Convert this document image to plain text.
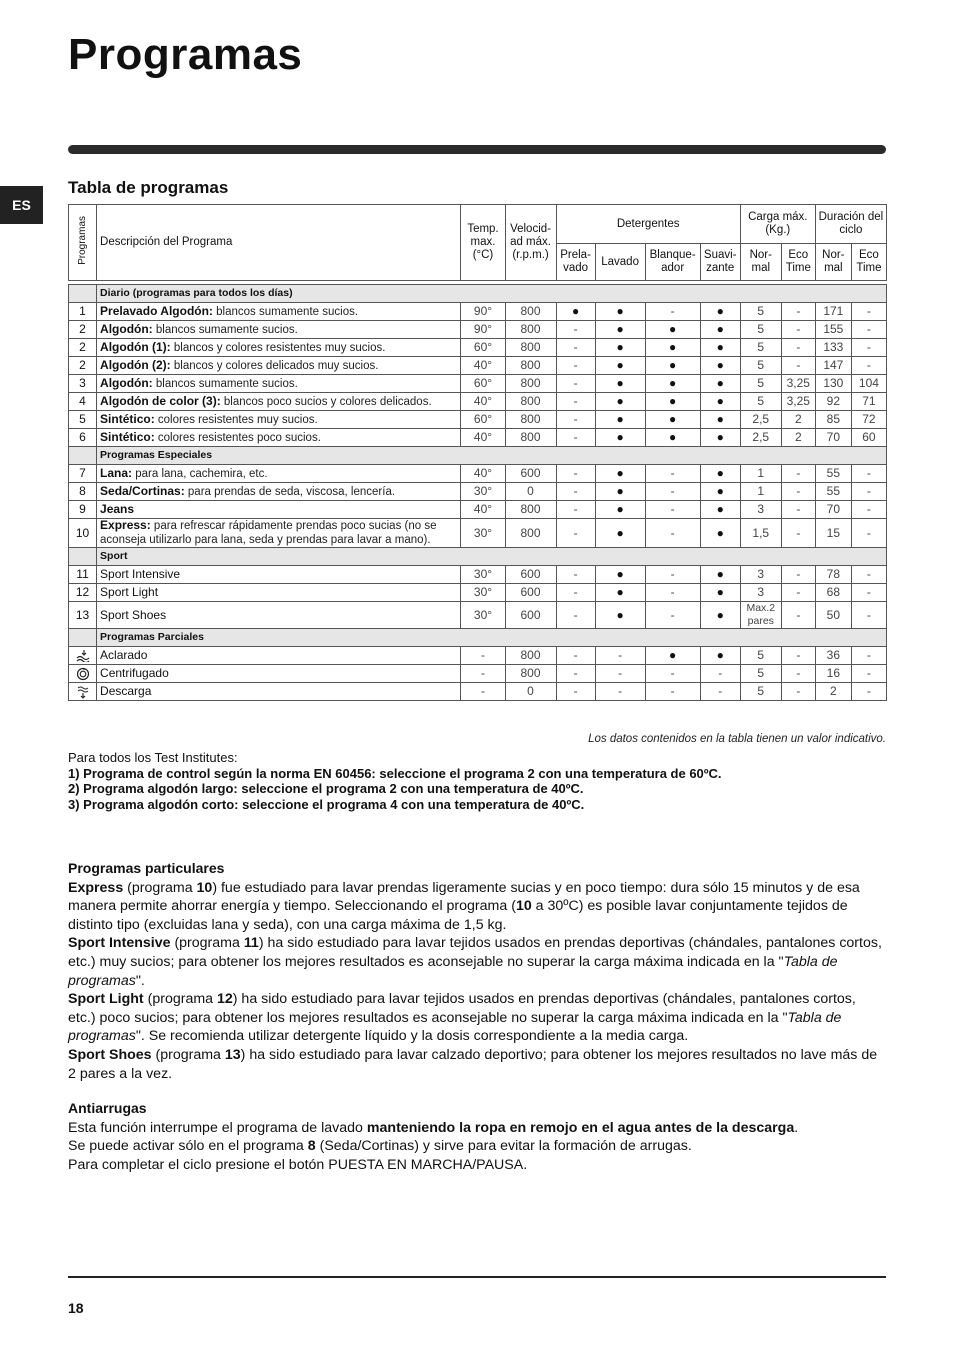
Programas
ES
Tabla de programas
Programas	Descripción del Programa	Temp. max. (°C)	Velocid- ad máx. (r.p.m.)	Detergentes				Carga máx. (Kg.)		Duración del ciclo	
				Prela- vado	Lavado	Blanque- ador	Suavi- zante	Nor- mal	Eco Time	Nor- mal	Eco Time

	Diario (programas para todos los días)										
1	Prelavado Algodón: blancos sumamente sucios.	90°	800	●	●	-	●	5	-	171	-
2	Algodón: blancos sumamente sucios.	90°	800	-	●	●	●	5	-	155	-
2	Algodón (1): blancos y colores resistentes muy sucios.	60°	800	-	●	●	●	5	-	133	-
2	Algodón (2): blancos y colores delicados muy sucios.	40°	800	-	●	●	●	5	-	147	-
3	Algodón: blancos sumamente sucios.	60°	800	-	●	●	●	5	3,25	130	104
4	Algodón de color (3): blancos poco sucios y colores delicados.	40°	800	-	●	●	●	5	3,25	92	71
5	Sintético: colores resistentes muy sucios.	60°	800	-	●	●	●	2,5	2	85	72
6	Sintético: colores resistentes poco sucios.	40°	800	-	●	●	●	2,5	2	70	60
	Programas Especiales										
7	Lana: para lana, cachemira, etc.	40°	600	-	●	-	●	1	-	55	-
8	Seda/Cortinas: para prendas de seda, viscosa, lencería.	30°	0	-	●	-	●	1	-	55	-
9	Jeans	40°	800	-	●	-	●	3	-	70	-
10	Express: para refrescar rápidamente prendas poco sucias (no se aconseja utilizarlo para lana, seda y prendas para lavar a mano).	30°	800	-	●	-	●	1,5	-	15	-
	Sport										
11	Sport Intensive	30°	600	-	●	-	●	3	-	78	-
12	Sport Light	30°	600	-	●	-	●	3	-	68	-
13	Sport Shoes	30°	600	-	●	-	●	Max.2 pares	-	50	-
	Programas Parciales										

	Aclarado	-	800	-	-	●	●	5	-	36	-

	Centrifugado	-	800	-	-	-	-	5	-	16	-

	Descarga	-	0	-	-	-	-	5	-	2	-
Los datos contenidos en la tabla tienen un valor indicativo.
Para todos los Test Institutes:
1) Programa de control según la norma EN 60456: seleccione el programa 2 con una temperatura de 60ºC.
2) Programa algodón largo: seleccione el programa 2 con una temperatura de 40ºC.
3) Programa algodón corto: seleccione el programa 4 con una temperatura de 40ºC.
Programas particulares

Express (programa 10) fue estudiado para lavar prendas ligeramente sucias y en poco tiempo: dura sólo 15 minutos y de esa manera permite ahorrar energía y tiempo. Seleccionando el programa (10 a 30ºC) es posible lavar conjuntamente tejidos de distinto tipo (excluidas lana y seda), con una carga máxima de 1,5 kg.

Sport Intensive (programa 11) ha sido estudiado para lavar tejidos usados en prendas deportivas (chándales, pantalones cortos, etc.) muy sucios; para obtener los mejores resultados es aconsejable no superar la carga máxima indicada en la "Tabla de programas".

Sport Light (programa 12) ha sido estudiado para lavar tejidos usados en prendas deportivas (chándales, pantalones cortos, etc.) poco sucios; para obtener los mejores resultados es aconsejable no superar la carga máxima indicada en la "Tabla de programas". Se recomienda utilizar detergente líquido y la dosis correspondiente a la media carga.

Sport Shoes (programa 13) ha sido estudiado para lavar calzado deportivo; para obtener los mejores resultados no lave más de 2 pares a la vez.

Antiarrugas

Esta función interrumpe el programa de lavado manteniendo la ropa en remojo en el agua antes de la descarga.

Se puede activar sólo en el programa 8 (Seda/Cortinas) y sirve para evitar la formación de arrugas.

Para completar el ciclo presione el botón PUESTA EN MARCHA/PAUSA.

18
